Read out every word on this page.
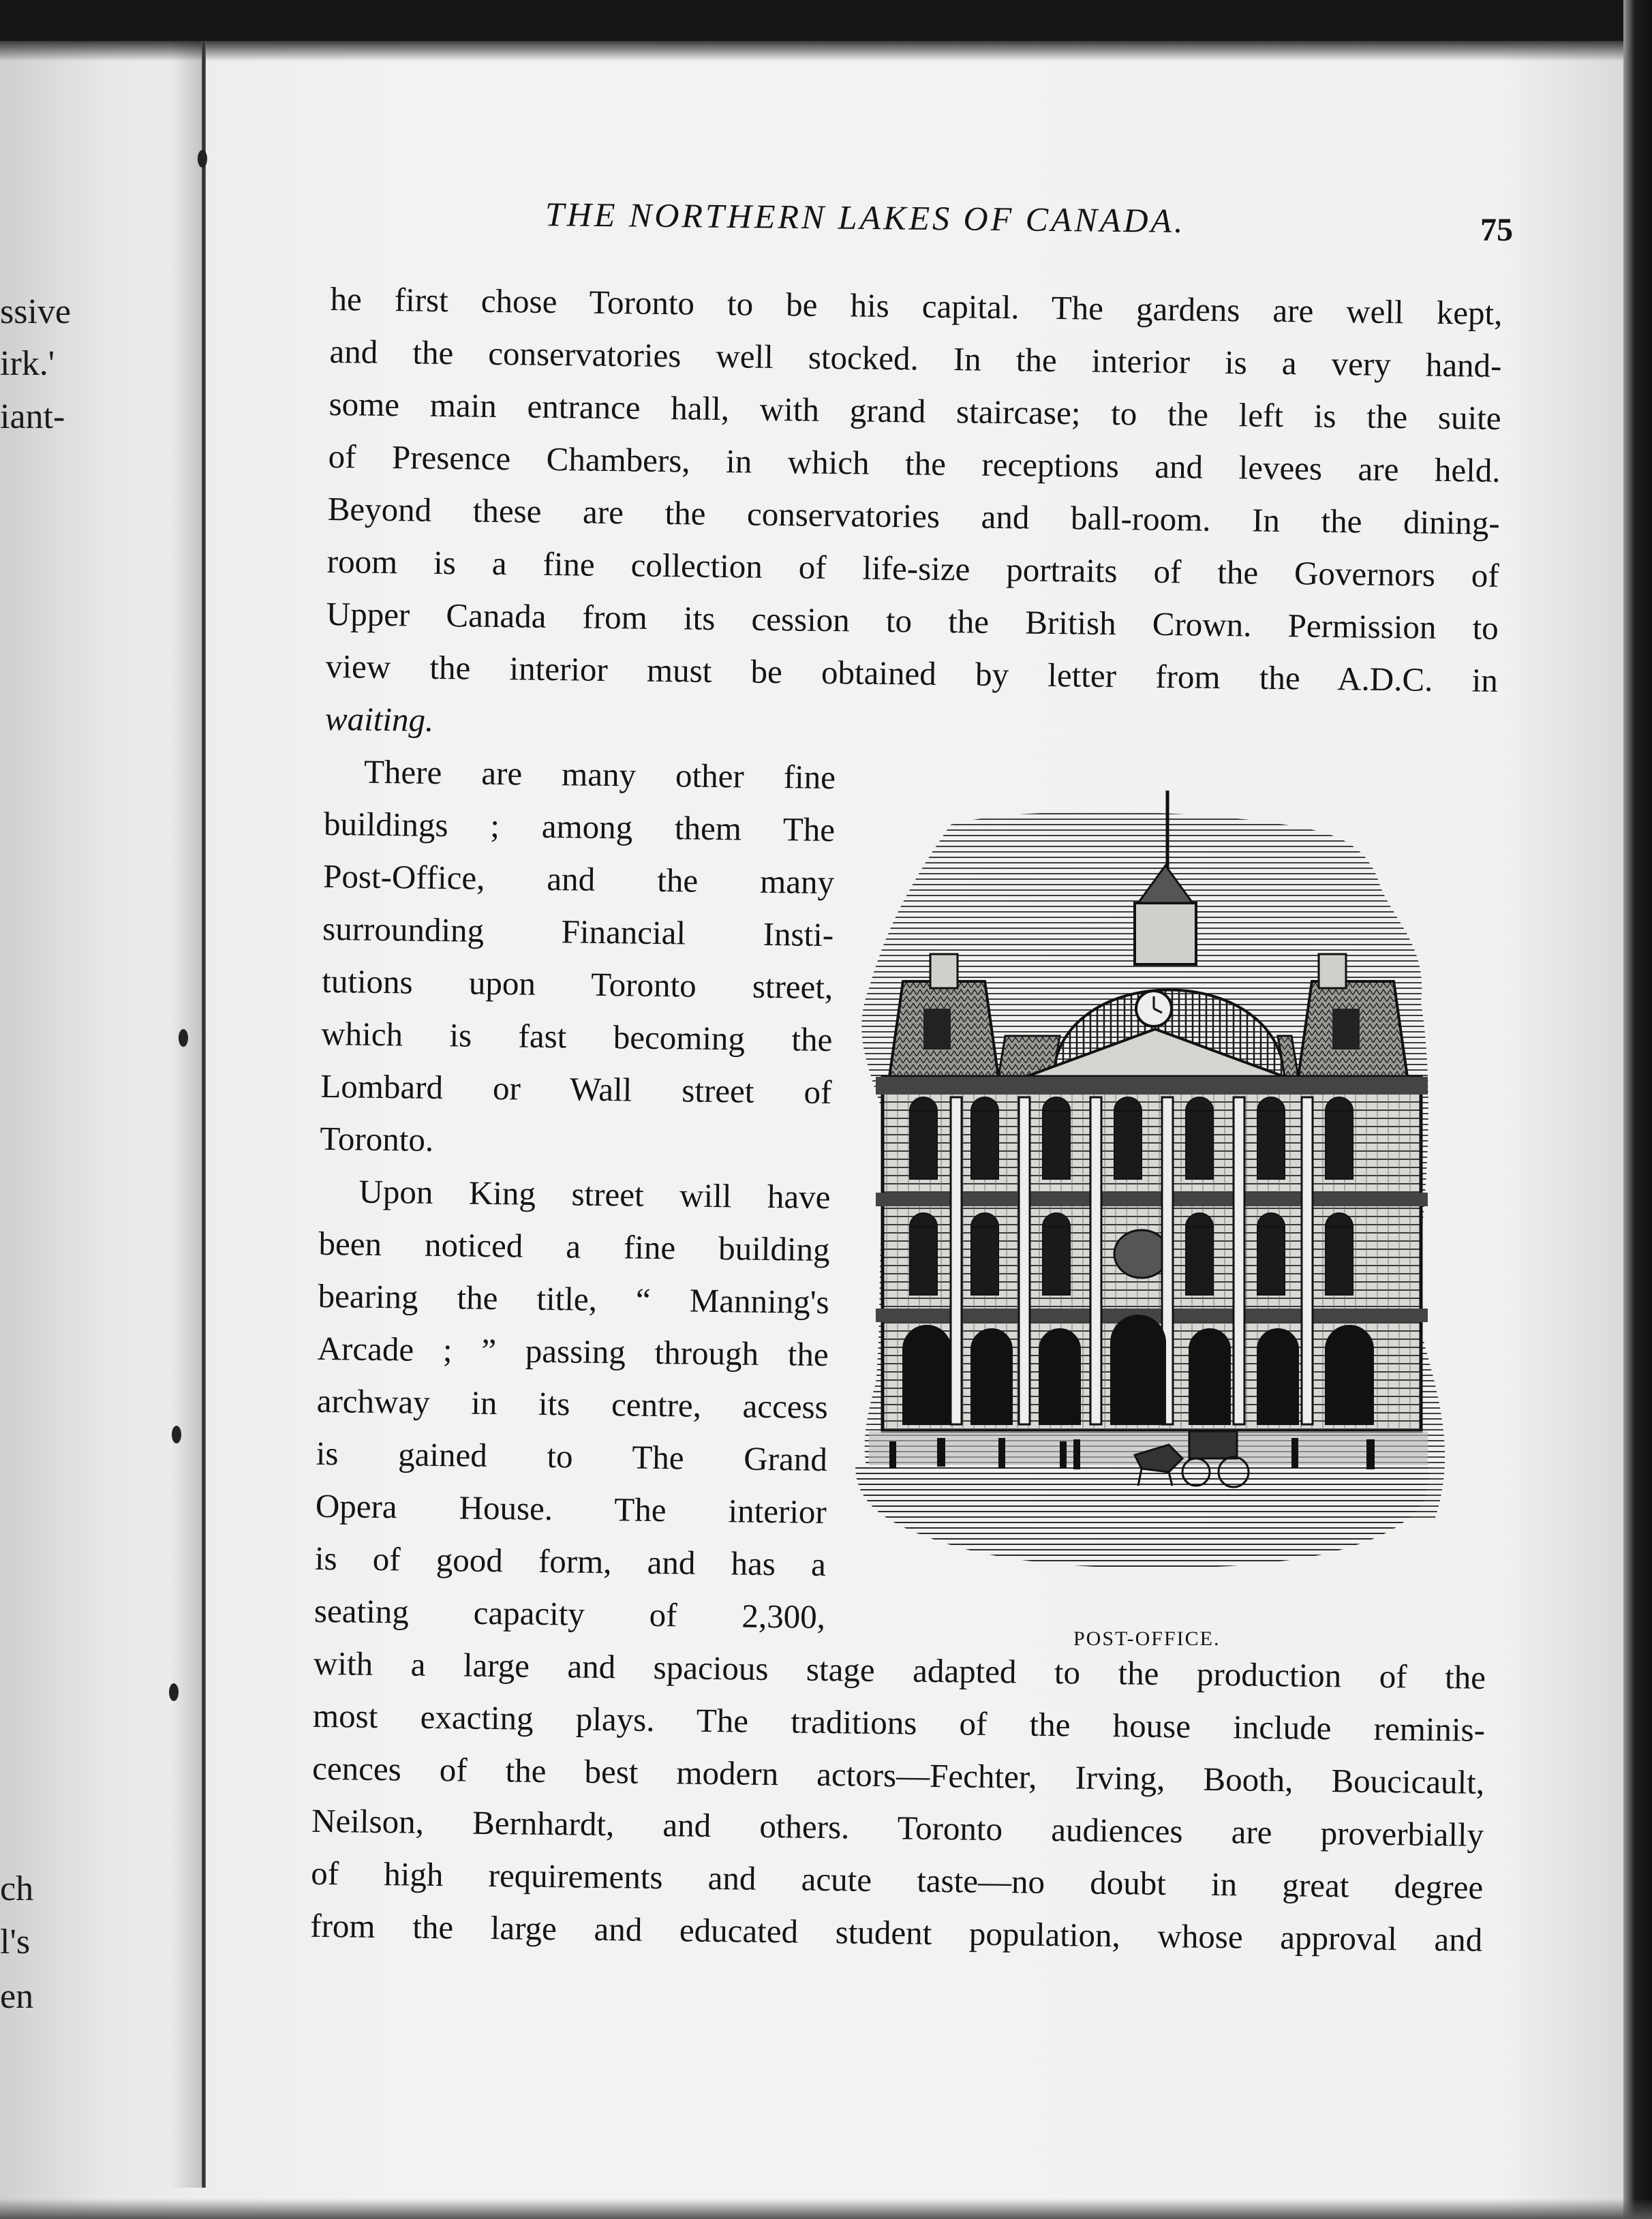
ssive
irk.'
iant-
ch
l's
en
THE NORTHERN LAKES OF CANADA.	75
he first chose Toronto to be his capital. The gardens are well kept,
and the conservatories well stocked. In the interior is a very hand-
some main entrance hall, with grand staircase; to the left is the suite
of Presence Chambers, in which the receptions and levees are held.
Beyond these are the conservatories and ball-room. In the dining-
room is a fine collection of life-size portraits of the Governors of
Upper Canada from its cession to the British Crown. Permission to
view the interior must be obtained by letter from the A.D.C. in
waiting.
There are many other fine
buildings ; among them The
Post-Office, and the many
surrounding Financial Insti-
tutions upon Toronto street,
which is fast becoming the
Lombard or Wall street of
Toronto.
Upon King street will have
been noticed a fine building
bearing the title, “ Manning's
Arcade ; ” passing through the
archway in its centre, access
is gained to The Grand
Opera House. The interior
is of good form, and has a
seating capacity of 2,300,
with a large and spacious stage adapted to the production of the
most exacting plays. The traditions of the house include reminis-
cences of the best modern actors—Fechter, Irving, Booth, Boucicault,
Neilson, Bernhardt, and others. Toronto audiences are proverbially
of high requirements and acute taste—no doubt in great degree
from the large and educated student population, whose approval and
POST-OFFICE.
